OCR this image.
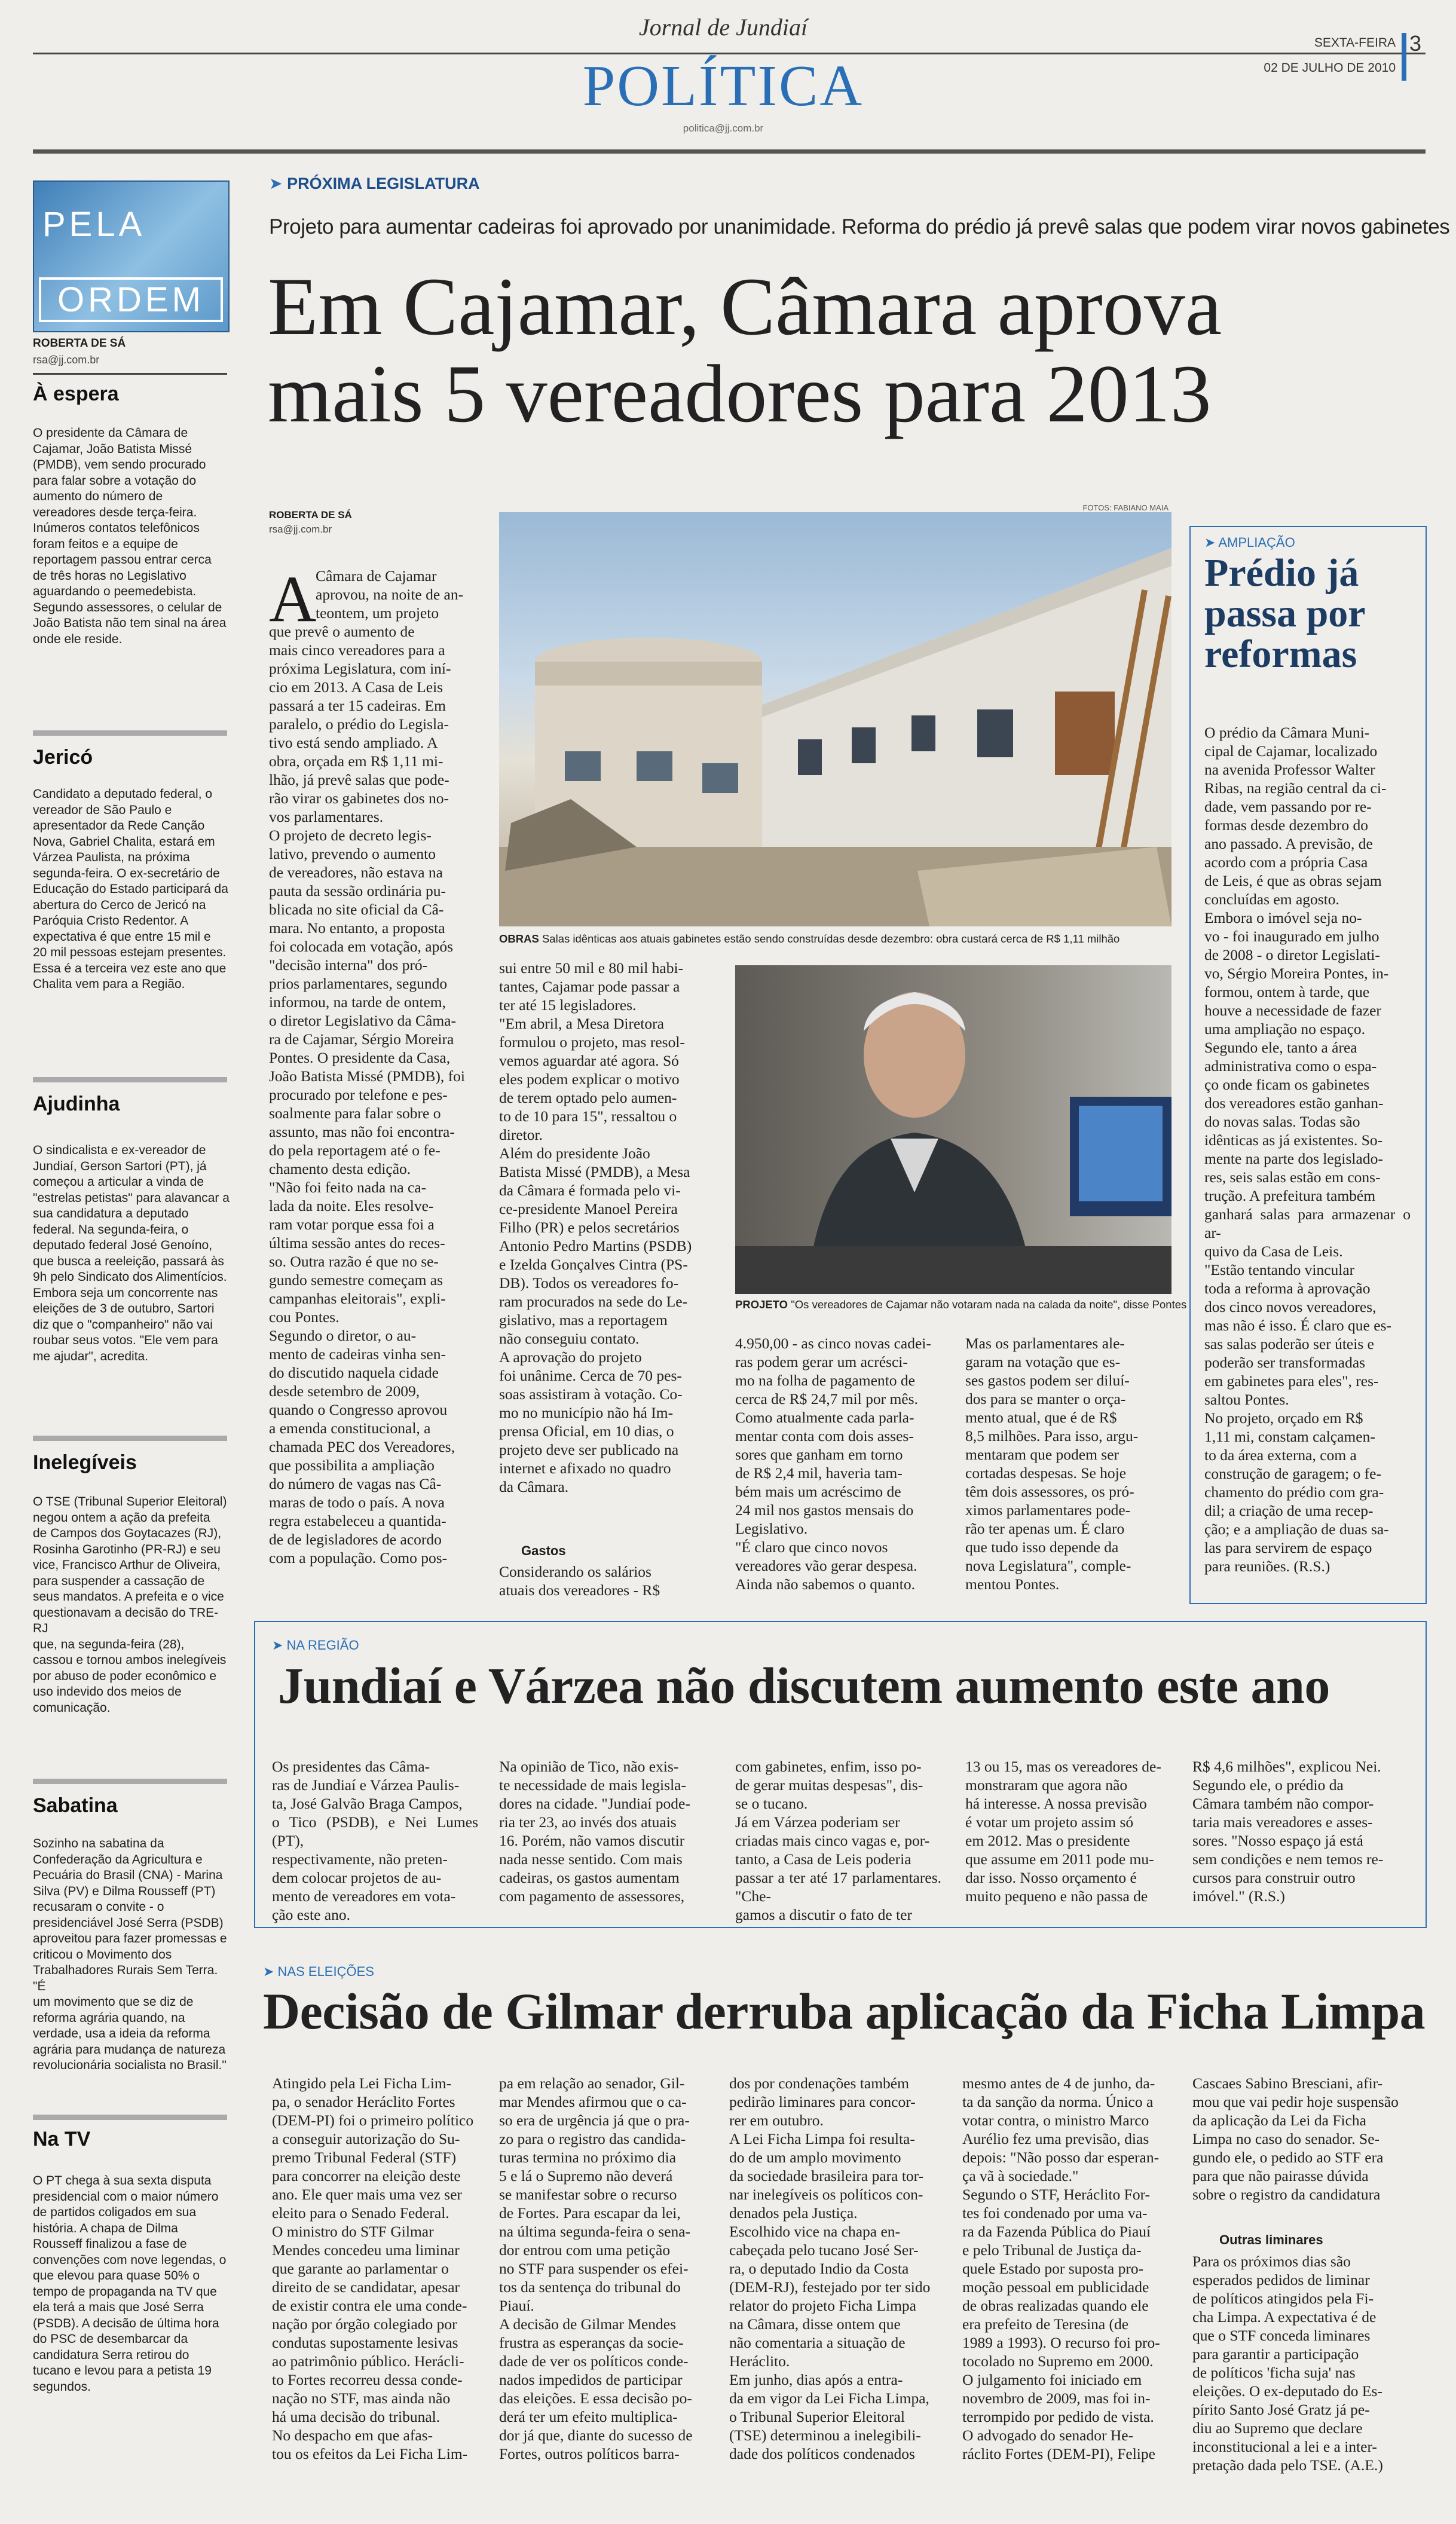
Jornal de Jundiaí
POLÍTICA
politica@jj.com.br
SEXTA-FEIRA
02 DE JULHO DE 2010
3
PELA
ORDEM
ROBERTA DE SÁ
rsa@jj.com.br
À espera
O presidente da Câmara de
Cajamar, João Batista Missé
(PMDB), vem sendo procurado
para falar sobre a votação do
aumento do número de
vereadores desde terça-feira.
Inúmeros contatos telefônicos
foram feitos e a equipe de
reportagem passou entrar cerca
de três horas no Legislativo
aguardando o peemedebista.
Segundo assessores, o celular de
João Batista não tem sinal na área
onde ele reside.
Jericó
Candidato a deputado federal, o
vereador de São Paulo e
apresentador da Rede Canção
Nova, Gabriel Chalita, estará em
Várzea Paulista, na próxima
segunda-feira. O ex-secretário de
Educação do Estado participará da
abertura do Cerco de Jericó na
Paróquia Cristo Redentor. A
expectativa é que entre 15 mil e
20 mil pessoas estejam presentes.
Essa é a terceira vez este ano que
Chalita vem para a Região.
Ajudinha
O sindicalista e ex-vereador de
Jundiaí, Gerson Sartori (PT), já
começou a articular a vinda de
"estrelas petistas" para alavancar a
sua candidatura a deputado
federal. Na segunda-feira, o
deputado federal José Genoíno,
que busca a reeleição, passará às
9h pelo Sindicato dos Alimentícios.
Embora seja um concorrente nas
eleições de 3 de outubro, Sartori
diz que o "companheiro" não vai
roubar seus votos. "Ele vem para
me ajudar", acredita.
Inelegíveis
O TSE (Tribunal Superior Eleitoral)
negou ontem a ação da prefeita
de Campos dos Goytacazes (RJ),
Rosinha Garotinho (PR-RJ) e seu
vice, Francisco Arthur de Oliveira,
para suspender a cassação de
seus mandatos. A prefeita e o vice
questionavam a decisão do TRE-RJ
que, na segunda-feira (28),
cassou e tornou ambos inelegíveis
por abuso de poder econômico e
uso indevido dos meios de
comunicação.
Sabatina
Sozinho na sabatina da
Confederação da Agricultura e
Pecuária do Brasil (CNA) - Marina
Silva (PV) e Dilma Rousseff (PT)
recusaram o convite - o
presidenciável José Serra (PSDB)
aproveitou para fazer promessas e
criticou o Movimento dos
Trabalhadores Rurais Sem Terra. "É
um movimento que se diz de
reforma agrária quando, na
verdade, usa a ideia da reforma
agrária para mudança de natureza
revolucionária socialista no Brasil."
Na TV
O PT chega à sua sexta disputa
presidencial com o maior número
de partidos coligados em sua
história. A chapa de Dilma
Rousseff finalizou a fase de
convenções com nove legendas, o
que elevou para quase 50% o
tempo de propaganda na TV que
ela terá a mais que José Serra
(PSDB). A decisão de última hora
do PSC de desembarcar da
candidatura Serra retirou do
tucano e levou para a petista 19
segundos.
➤ PRÓXIMA LEGISLATURA
Projeto para aumentar cadeiras foi aprovado por unanimidade. Reforma do prédio já prevê salas que podem virar novos gabinetes
Em Cajamar, Câmara aprova
mais 5 vereadores para 2013
ROBERTA DE SÁ
rsa@jj.com.br
FOTOS: FABIANO MAIA
OBRAS Salas idênticas aos atuais gabinetes estão sendo construídas desde dezembro: obra custará cerca de R$ 1,11 milhão
PROJETO "Os vereadores de Cajamar não votaram nada na calada da noite", disse Pontes
A
Câmara de Cajamar
aprovou, na noite de an-
teontem, um projeto
que prevê o aumento de
mais cinco vereadores para a
próxima Legislatura, com iní-
cio em 2013. A Casa de Leis
passará a ter 15 cadeiras. Em
paralelo, o prédio do Legisla-
tivo está sendo ampliado. A
obra, orçada em R$ 1,11 mi-
lhão, já prevê salas que pode-
rão virar os gabinetes dos no-
vos parlamentares.
O projeto de decreto legis-
lativo, prevendo o aumento
de vereadores, não estava na
pauta da sessão ordinária pu-
blicada no site oficial da Câ-
mara. No entanto, a proposta
foi colocada em votação, após
"decisão interna" dos pró-
prios parlamentares, segundo
informou, na tarde de ontem,
o diretor Legislativo da Câma-
ra de Cajamar, Sérgio Moreira
Pontes. O presidente da Casa,
João Batista Missé (PMDB), foi
procurado por telefone e pes-
soalmente para falar sobre o
assunto, mas não foi encontra-
do pela reportagem até o fe-
chamento desta edição.
"Não foi feito nada na ca-
lada da noite. Eles resolve-
ram votar porque essa foi a
última sessão antes do reces-
so. Outra razão é que no se-
gundo semestre começam as
campanhas eleitorais", expli-
cou Pontes.
Segundo o diretor, o au-
mento de cadeiras vinha sen-
do discutido naquela cidade
desde setembro de 2009,
quando o Congresso aprovou
a emenda constitucional, a
chamada PEC dos Vereadores,
que possibilita a ampliação
do número de vagas nas Câ-
maras de todo o país. A nova
regra estabeleceu a quantida-
de de legisladores de acordo
com a população. Como pos-
sui entre 50 mil e 80 mil habi-
tantes, Cajamar pode passar a
ter até 15 legisladores.
"Em abril, a Mesa Diretora
formulou o projeto, mas resol-
vemos aguardar até agora. Só
eles podem explicar o motivo
de terem optado pelo aumen-
to de 10 para 15", ressaltou o
diretor.
Além do presidente João
Batista Missé (PMDB), a Mesa
da Câmara é formada pelo vi-
ce-presidente Manoel Pereira
Filho (PR) e pelos secretários
Antonio Pedro Martins (PSDB)
e Izelda Gonçalves Cintra (PS-
DB). Todos os vereadores fo-
ram procurados na sede do Le-
gislativo, mas a reportagem
não conseguiu contato.
A aprovação do projeto
foi unânime. Cerca de 70 pes-
soas assistiram à votação. Co-
mo no município não há Im-
prensa Oficial, em 10 dias, o
projeto deve ser publicado na
internet e afixado no quadro
da Câmara.
Gastos
Considerando os salários
atuais dos vereadores - R$
4.950,00 - as cinco novas cadei-
ras podem gerar um acrésci-
mo na folha de pagamento de
cerca de R$ 24,7 mil por mês.
Como atualmente cada parla-
mentar conta com dois asses-
sores que ganham em torno
de R$ 2,4 mil, haveria tam-
bém mais um acréscimo de
24 mil nos gastos mensais do
Legislativo.
"É claro que cinco novos
vereadores vão gerar despesa.
Ainda não sabemos o quanto.
Mas os parlamentares ale-
garam na votação que es-
ses gastos podem ser diluí-
dos para se manter o orça-
mento atual, que é de R$
8,5 milhões. Para isso, argu-
mentaram que podem ser
cortadas despesas. Se hoje
têm dois assessores, os pró-
ximos parlamentares pode-
rão ter apenas um. É claro
que tudo isso depende da
nova Legislatura", comple-
mentou Pontes.
➤ AMPLIAÇÃO
Prédio já
passa por
reformas
O prédio da Câmara Muni-
cipal de Cajamar, localizado
na avenida Professor Walter
Ribas, na região central da ci-
dade, vem passando por re-
formas desde dezembro do
ano passado. A previsão, de
acordo com a própria Casa
de Leis, é que as obras sejam
concluídas em agosto.
Embora o imóvel seja no-
vo - foi inaugurado em julho
de 2008 - o diretor Legislati-
vo, Sérgio Moreira Pontes, in-
formou, ontem à tarde, que
houve a necessidade de fazer
uma ampliação no espaço.
Segundo ele, tanto a área
administrativa como o espa-
ço onde ficam os gabinetes
dos vereadores estão ganhan-
do novas salas. Todas são
idênticas as já existentes. So-
mente na parte dos legislado-
res, seis salas estão em cons-
trução. A prefeitura também
ganhará salas para armazenar o ar-
quivo da Casa de Leis.
"Estão tentando vincular
toda a reforma à aprovação
dos cinco novos vereadores,
mas não é isso. É claro que es-
sas salas poderão ser úteis e
poderão ser transformadas
em gabinetes para eles", res-
saltou Pontes.
No projeto, orçado em R$
1,11 mi, constam calçamen-
to da área externa, com a
construção de garagem; o fe-
chamento do prédio com gra-
dil; a criação de uma recep-
ção; e a ampliação de duas sa-
las para servirem de espaço
para reuniões. (R.S.)
➤ NA REGIÃO
Jundiaí e Várzea não discutem aumento este ano
Os presidentes das Câma-
ras de Jundiaí e Várzea Paulis-
ta, José Galvão Braga Campos,
o Tico (PSDB), e Nei Lumes (PT),
respectivamente, não preten-
dem colocar projetos de au-
mento de vereadores em vota-
ção este ano.
Na opinião de Tico, não exis-
te necessidade de mais legisla-
dores na cidade. "Jundiaí pode-
ria ter 23, ao invés dos atuais
16. Porém, não vamos discutir
nada nesse sentido. Com mais
cadeiras, os gastos aumentam
com pagamento de assessores,
com gabinetes, enfim, isso po-
de gerar muitas despesas", dis-
se o tucano.
Já em Várzea poderiam ser
criadas mais cinco vagas e, por-
tanto, a Casa de Leis poderia
passar a ter até 17 parlamentares. "Che-
gamos a discutir o fato de ter
13 ou 15, mas os vereadores de-
monstraram que agora não
há interesse. A nossa previsão
é votar um projeto assim só
em 2012. Mas o presidente
que assume em 2011 pode mu-
dar isso. Nosso orçamento é
muito pequeno e não passa de
R$ 4,6 milhões", explicou Nei.
Segundo ele, o prédio da
Câmara também não compor-
taria mais vereadores e asses-
sores. "Nosso espaço já está
sem condições e nem temos re-
cursos para construir outro
imóvel." (R.S.)
➤ NAS ELEIÇÕES
Decisão de Gilmar derruba aplicação da Ficha Limpa
Atingido pela Lei Ficha Lim-
pa, o senador Heráclito Fortes
(DEM-PI) foi o primeiro político
a conseguir autorização do Su-
premo Tribunal Federal (STF)
para concorrer na eleição deste
ano. Ele quer mais uma vez ser
eleito para o Senado Federal.
O ministro do STF Gilmar
Mendes concedeu uma liminar
que garante ao parlamentar o
direito de se candidatar, apesar
de existir contra ele uma conde-
nação por órgão colegiado por
condutas supostamente lesivas
ao patrimônio público. Herácli-
to Fortes recorreu dessa conde-
nação no STF, mas ainda não
há uma decisão do tribunal.
No despacho em que afas-
tou os efeitos da Lei Ficha Lim-
pa em relação ao senador, Gil-
mar Mendes afirmou que o ca-
so era de urgência já que o pra-
zo para o registro das candida-
turas termina no próximo dia
5 e lá o Supremo não deverá
se manifestar sobre o recurso
de Fortes. Para escapar da lei,
na última segunda-feira o sena-
dor entrou com uma petição
no STF para suspender os efei-
tos da sentença do tribunal do
Piauí.
A decisão de Gilmar Mendes
frustra as esperanças da socie-
dade de ver os políticos conde-
nados impedidos de participar
das eleições. E essa decisão po-
derá ter um efeito multiplica-
dor já que, diante do sucesso de
Fortes, outros políticos barra-
dos por condenações também
pedirão liminares para concor-
rer em outubro.
A Lei Ficha Limpa foi resulta-
do de um amplo movimento
da sociedade brasileira para tor-
nar inelegíveis os políticos con-
denados pela Justiça.
Escolhido vice na chapa en-
cabeçada pelo tucano José Ser-
ra, o deputado Indio da Costa
(DEM-RJ), festejado por ter sido
relator do projeto Ficha Limpa
na Câmara, disse ontem que
não comentaria a situação de
Heráclito.
Em junho, dias após a entra-
da em vigor da Lei Ficha Limpa,
o Tribunal Superior Eleitoral
(TSE) determinou a inelegibili-
dade dos políticos condenados
mesmo antes de 4 de junho, da-
ta da sanção da norma. Único a
votar contra, o ministro Marco
Aurélio fez uma previsão, dias
depois: "Não posso dar esperan-
ça vã à sociedade."
Segundo o STF, Heráclito For-
tes foi condenado por uma va-
ra da Fazenda Pública do Piauí
e pelo Tribunal de Justiça da-
quele Estado por suposta pro-
moção pessoal em publicidade
de obras realizadas quando ele
era prefeito de Teresina (de
1989 a 1993). O recurso foi pro-
tocolado no Supremo em 2000.
O julgamento foi iniciado em
novembro de 2009, mas foi in-
terrompido por pedido de vista.
O advogado do senador He-
ráclito Fortes (DEM-PI), Felipe
Cascaes Sabino Bresciani, afir-
mou que vai pedir hoje suspensão
da aplicação da Lei da Ficha
Limpa no caso do senador. Se-
gundo ele, o pedido ao STF era
para que não pairasse dúvida
sobre o registro da candidatura
Outras liminares
Para os próximos dias são
esperados pedidos de liminar
de políticos atingidos pela Fi-
cha Limpa. A expectativa é de
que o STF conceda liminares
para garantir a participação
de políticos 'ficha suja' nas
eleições. O ex-deputado do Es-
pírito Santo José Gratz já pe-
diu ao Supremo que declare
inconstitucional a lei e a inter-
pretação dada pelo TSE. (A.E.)
